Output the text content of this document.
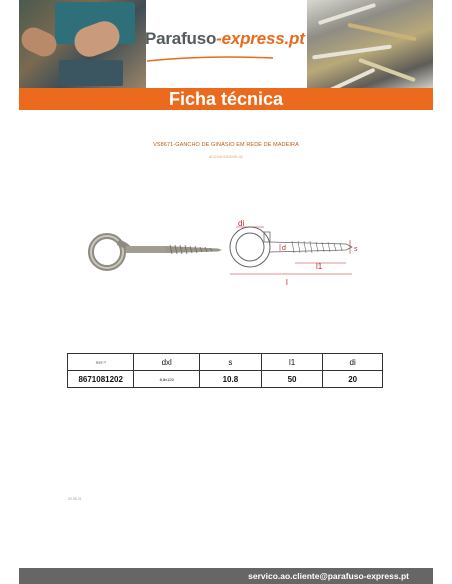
Parafuso-express.pt
Ficha técnica
VS8671-GANCHO DE GINÁSIO EM REDE DE MADEIRA
ACO INOXIDAVEL A2
di
d	s
l1
l
REF.ª	dxl	s	l1	di
8671081202	8,8x120	10.8	50	20
02.05.21
servico.ao.cliente@parafuso-express.pt
